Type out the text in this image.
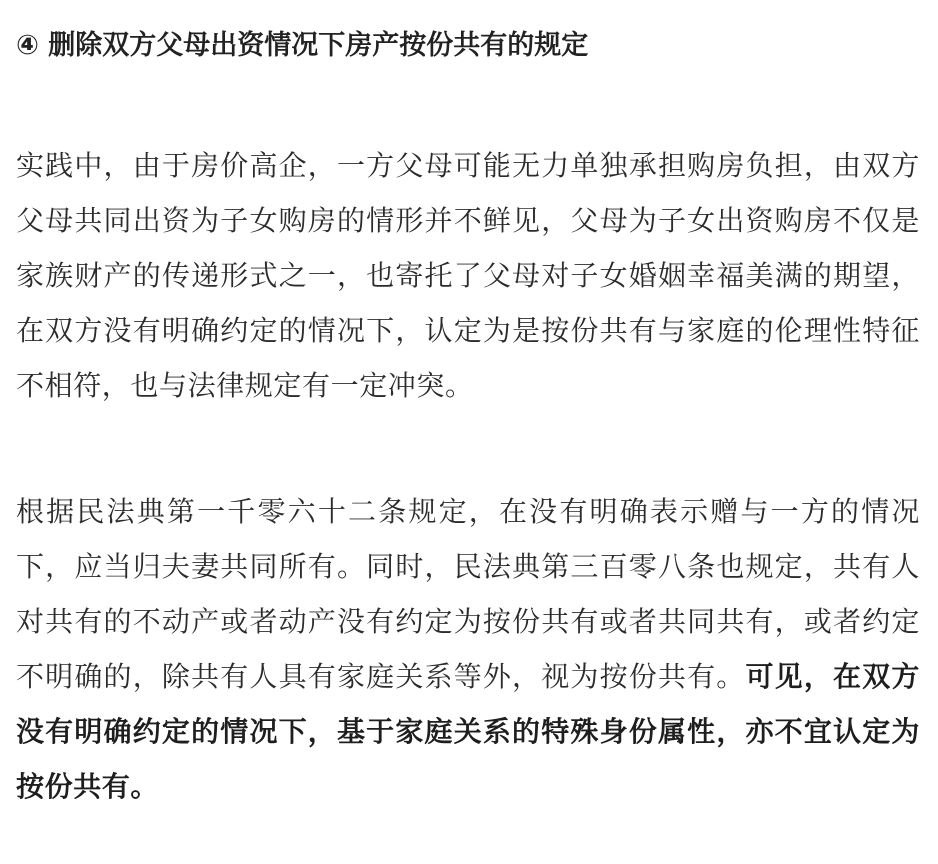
④ 删除双方父母出资情况下房产按份共有的规定

实践中，由于房价高企，一方父母可能无力单独承担购房负担，由双方父母共同出资为子女购房的情形并不鲜见，父母为子女出资购房不仅是家族财产的传递形式之一，也寄托了父母对子女婚姻幸福美满的期望，在双方没有明确约定的情况下，认定为是按份共有与家庭的伦理性特征不相符，也与法律规定有一定冲突。

根据民法典第一千零六十二条规定，在没有明确表示赠与一方的情况下，应当归夫妻共同所有。同时，民法典第三百零八条也规定，共有人对共有的不动产或者动产没有约定为按份共有或者共同共有，或者约定不明确的，除共有人具有家庭关系等外，视为按份共有。可见，在双方没有明确约定的情况下，基于家庭关系的特殊身份属性，亦不宜认定为按份共有。
